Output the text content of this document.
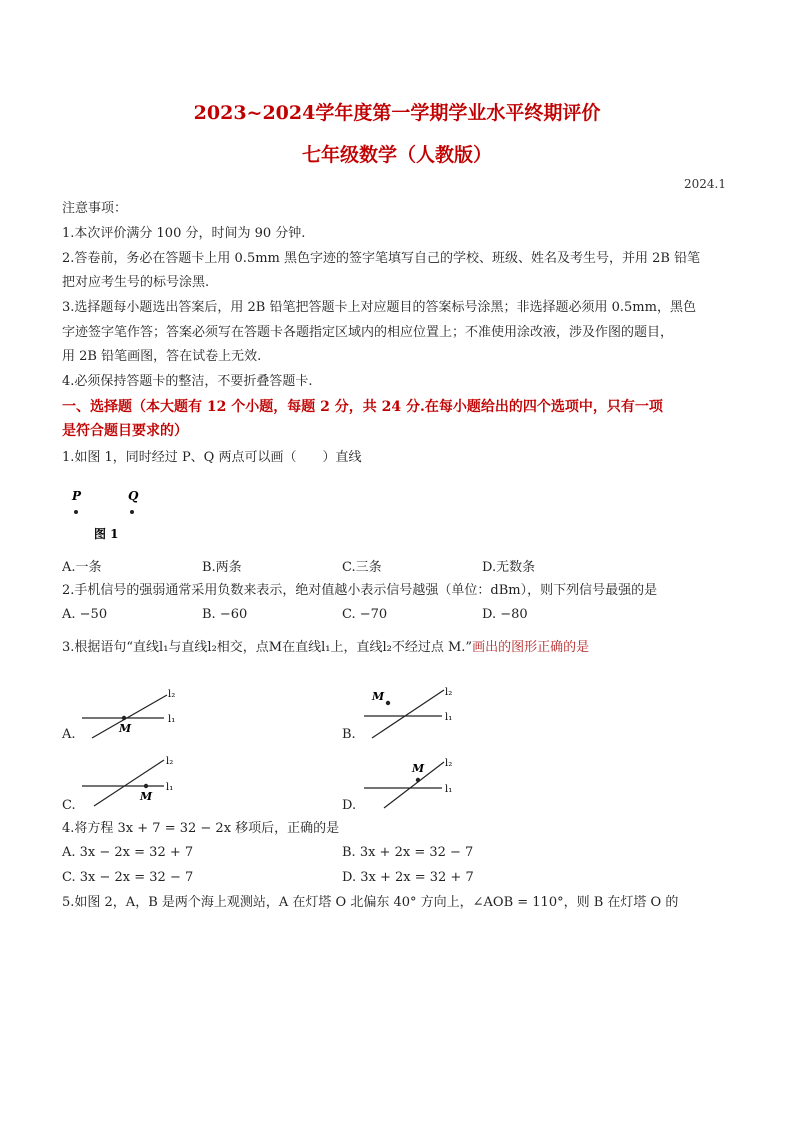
2023~2024学年度第一学期学业水平终期评价
七年级数学（人教版）
2024.1
注意事项：
1.本次评价满分 100 分，时间为 90 分钟.
2.答卷前，务必在答题卡上用 0.5mm 黑色字迹的签字笔填写自己的学校、班级、姓名及考生号，并用 2B 铅笔
把对应考生号的标号涂黑.
3.选择题每小题选出答案后，用 2B 铅笔把答题卡上对应题目的答案标号涂黑；非选择题必须用 0.5mm，黑色
字迹签字笔作答；答案必须写在答题卡各题指定区域内的相应位置上；不准使用涂改液，涉及作图的题目，
用 2B 铅笔画图，答在试卷上无效.
4.必须保持答题卡的整洁，不要折叠答题卡.
一、选择题（本大题有 12 个小题，每题 2 分，共 24 分.在每小题给出的四个选项中，只有一项
是符合题目要求的）
1.如图 1，同时经过 P、Q 两点可以画（　　）直线
P	Q
图 1
A.一条	B.两条	C.三条	D.无数条
2.手机信号的强弱通常采用负数来表示，绝对值越小表示信号越强（单位：dBm），则下列信号最强的是
A. −50	B. −60	C. −70	D. −80
3.根据语句“直线l₁与直线l₂相交，点M在直线l₁上，直线l₂不经过点 M.”画出的图形正确的是
A.	M
l₁
l₂
B.
M
l₁
l₂
C.
M
l₁
l₂
D.
M
l₁
l₂
4.将方程 3x + 7 = 32 − 2x 移项后，正确的是
A. 3x − 2x = 32 + 7	B. 3x + 2x = 32 − 7
C. 3x − 2x = 32 − 7	D. 3x + 2x = 32 + 7
5.如图 2，A，B 是两个海上观测站，A 在灯塔 O 北偏东 40° 方向上，∠AOB = 110°，则 B 在灯塔 O 的
